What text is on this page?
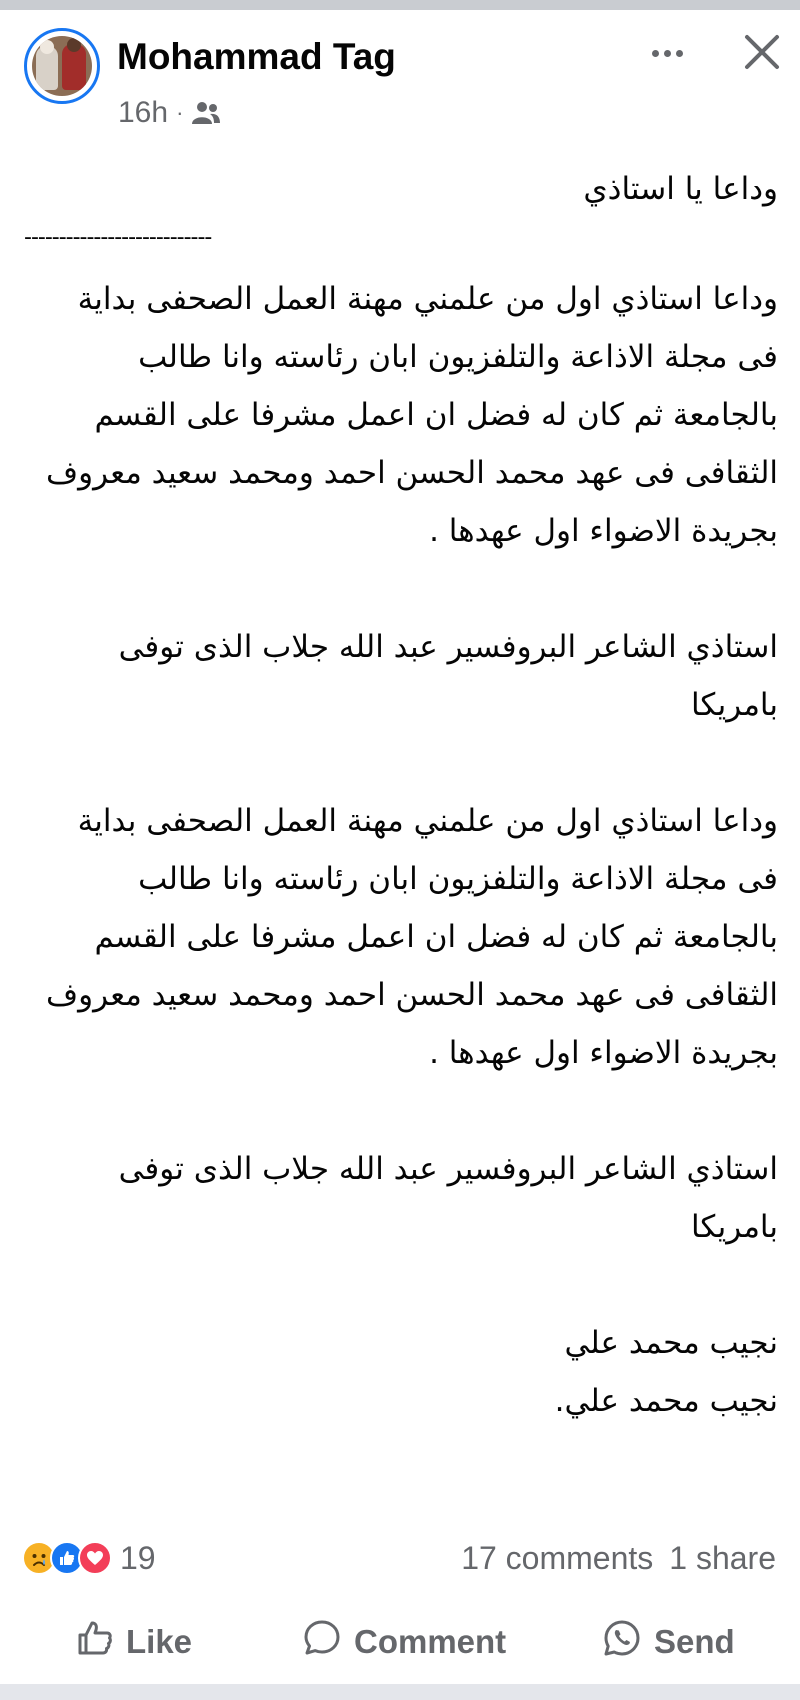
Mohammad Tag
16h ·

وداعا يا استاذي

---------------------------

وداعا استاذي اول من علمني مهنة العمل الصحفى بداية فى مجلة الاذاعة والتلفزيون ابان رئاسته وانا طالب بالجامعة ثم كان له فضل ان اعمل مشرفا على القسم الثقافى فى عهد محمد الحسن احمد ومحمد سعيد معروف بجريدة الاضواء اول عهدها .

استاذي الشاعر البروفسير عبد الله جلاب الذى توفى بامريكا

وداعا استاذي اول من علمني مهنة العمل الصحفى بداية فى مجلة الاذاعة والتلفزيون ابان رئاسته وانا طالب بالجامعة ثم كان له فضل ان اعمل مشرفا على القسم الثقافى فى عهد محمد الحسن احمد ومحمد سعيد معروف بجريدة الاضواء اول عهدها .

استاذي الشاعر البروفسير عبد الله جلاب الذى توفى بامريكا

نجيب محمد علي

نجيب محمد علي.

19	17 comments 1 share
Like	Comment	Send
